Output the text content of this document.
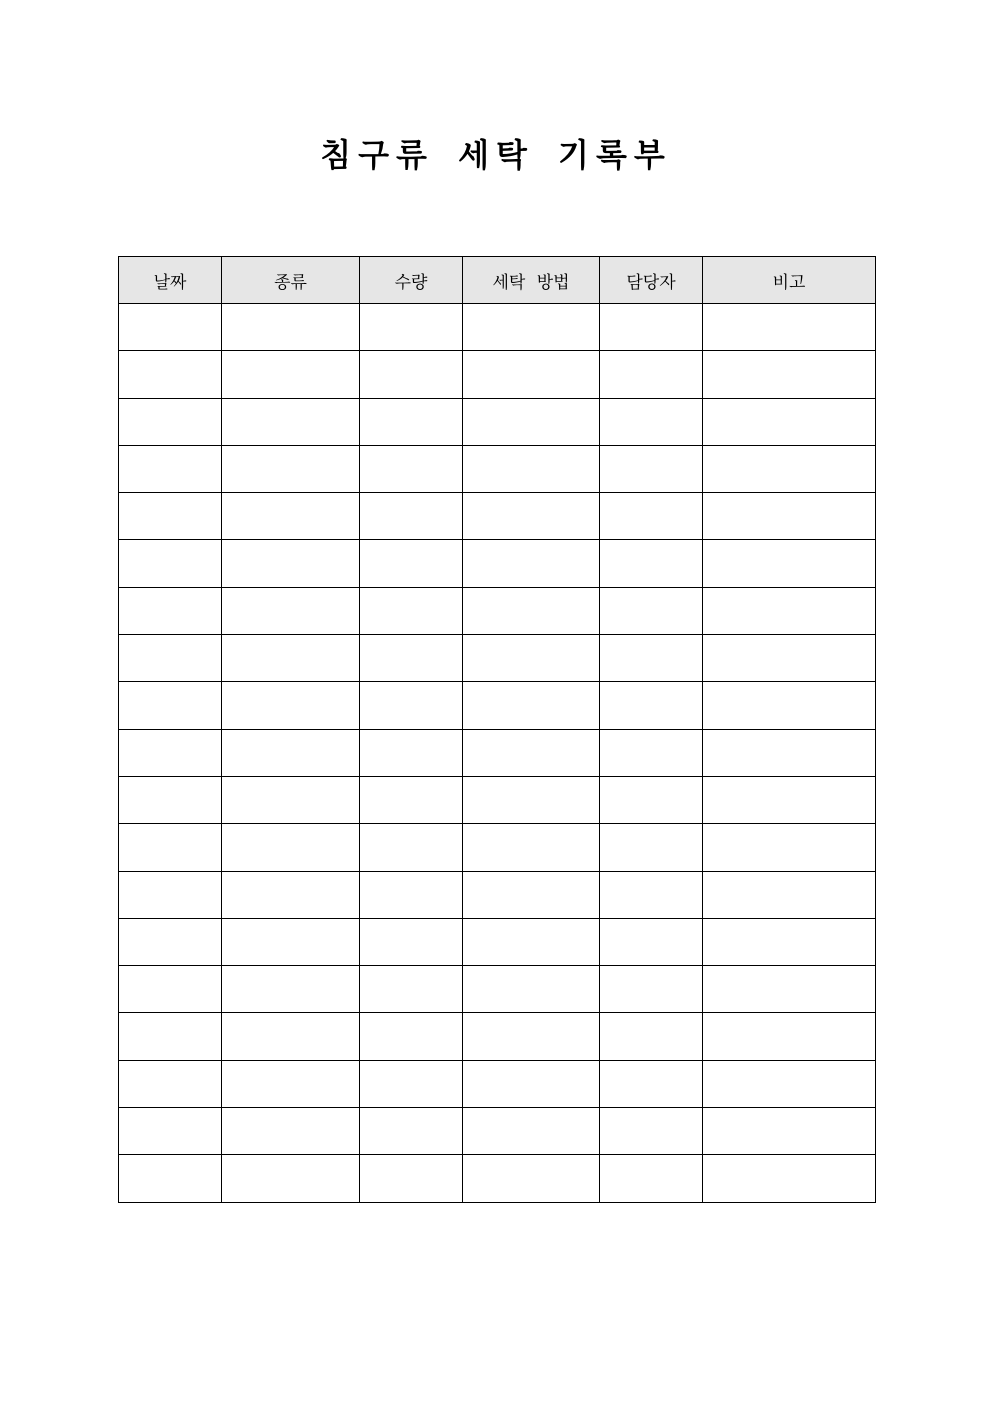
침구류 세탁 기록부
날짜	종류	수량	세탁 방법	담당자	비고
